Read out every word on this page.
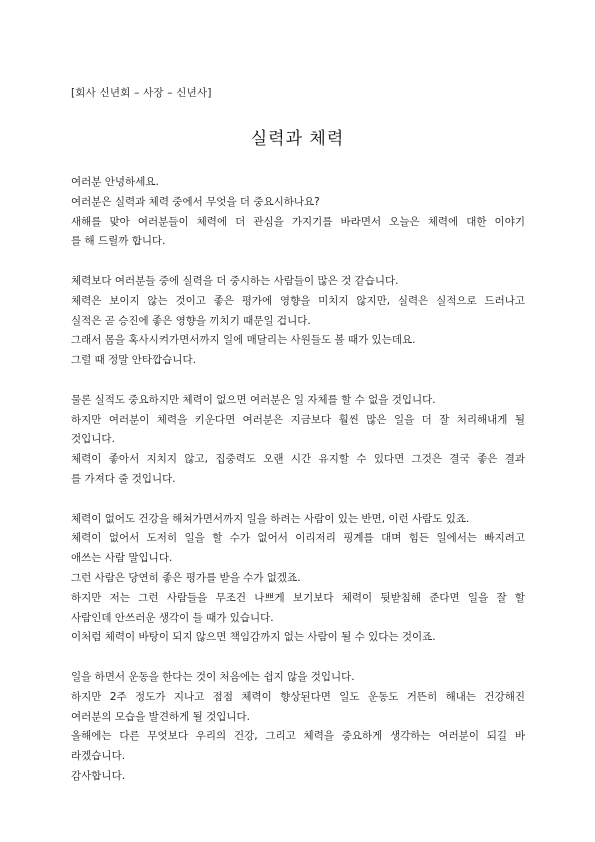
[회사 신년회 – 사장 – 신년사]
실력과 체력
여러분 안녕하세요.
여러분은 실력과 체력 중에서 무엇을 더 중요시하나요?
새해를 맞아 여러분들이 체력에 더 관심을 가지기를 바라면서 오늘은 체력에 대한 이야기
를 해 드릴까 합니다.
체력보다 여러분들 중에 실력을 더 중시하는 사람들이 많은 것 같습니다.
체력은 보이지 않는 것이고 좋은 평가에 영향을 미치지 않지만, 실력은 실적으로 드러나고
실적은 곧 승진에 좋은 영향을 끼치기 때문일 겁니다.
그래서 몸을 혹사시켜가면서까지 일에 매달리는 사원들도 볼 때가 있는데요.
그럴 때 정말 안타깝습니다.
물론 실적도 중요하지만 체력이 없으면 여러분은 일 자체를 할 수 없을 것입니다.
하지만 여러분이 체력을 키운다면 여러분은 지금보다 훨씬 많은 일을 더 잘 처리해내게 될
것입니다.
체력이 좋아서 지치지 않고, 집중력도 오랜 시간 유지할 수 있다면 그것은 결국 좋은 결과
를 가져다 줄 것입니다.
체력이 없어도 건강을 해쳐가면서까지 일을 하려는 사람이 있는 반면, 이런 사람도 있죠.
체력이 없어서 도저히 일을 할 수가 없어서 이리저리 핑계를 대며 힘든 일에서는 빠지려고
애쓰는 사람 말입니다.
그런 사람은 당연히 좋은 평가를 받을 수가 없겠죠.
하지만 저는 그런 사람들을 무조건 나쁘게 보기보다 체력이 뒷받침해 준다면 일을 잘 할
사람인데 안쓰러운 생각이 들 때가 있습니다.
이처럼 체력이 바탕이 되지 않으면 책임감까지 없는 사람이 될 수 있다는 것이죠.
일을 하면서 운동을 한다는 것이 처음에는 쉽지 않을 것입니다.
하지만 2주 정도가 지나고 점점 체력이 향상된다면 일도 운동도 거뜬히 해내는 건강해진
여러분의 모습을 발견하게 될 것입니다.
올해에는 다른 무엇보다 우리의 건강, 그리고 체력을 중요하게 생각하는 여러분이 되길 바
라겠습니다.
감사합니다.
